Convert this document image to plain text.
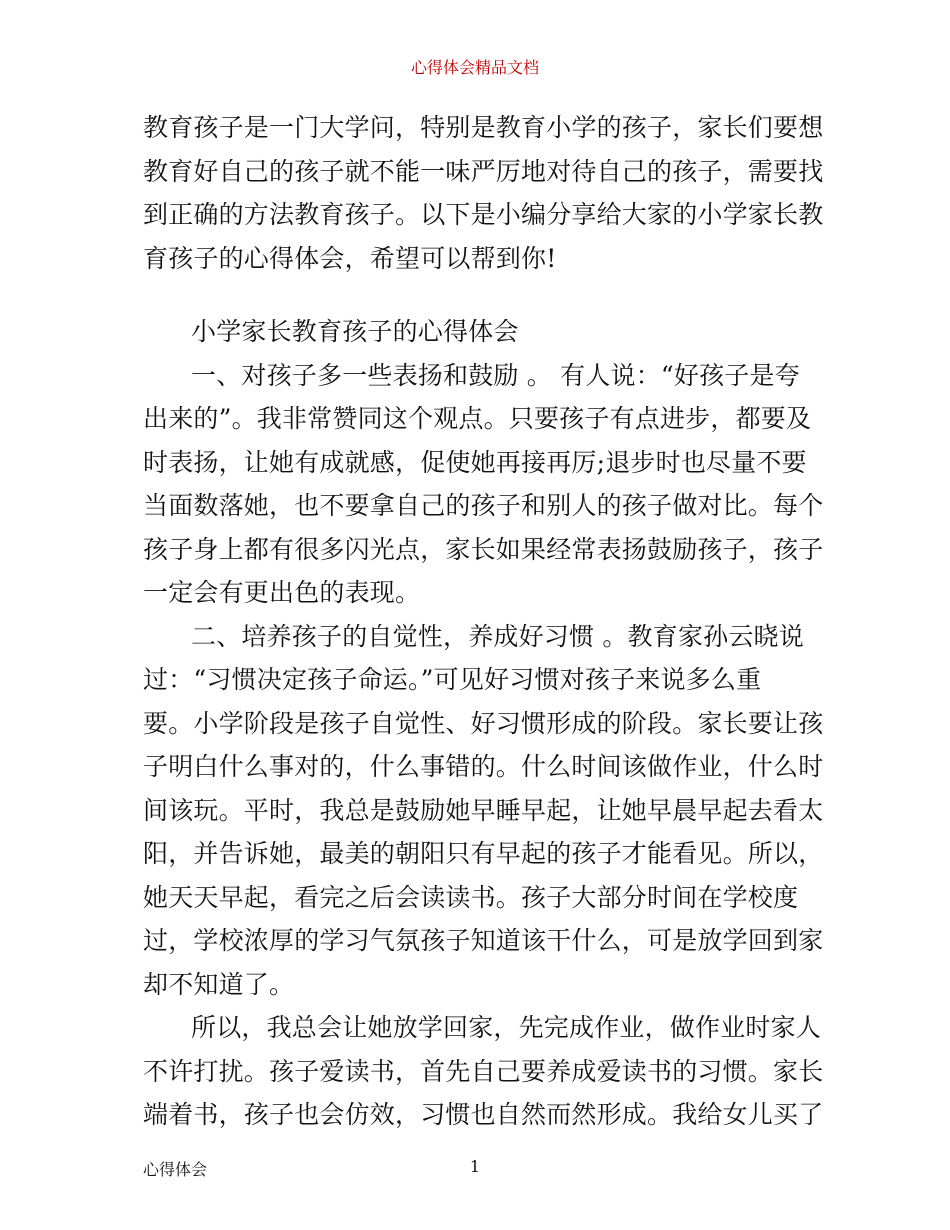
心得体会精品文档
教育孩子是一门大学问，特别是教育小学的孩子，家长们要想
教育好自己的孩子就不能一味严厉地对待自己的孩子，需要找
到正确的方法教育孩子。以下是小编分享给大家的小学家长教
育孩子的心得体会，希望可以帮到你!
小学家长教育孩子的心得体会
一、对孩子多一些表扬和鼓励 。 有人说：“好孩子是夸
出来的”。我非常赞同这个观点。只要孩子有点进步，都要及
时表扬，让她有成就感，促使她再接再厉;退步时也尽量不要
当面数落她，也不要拿自己的孩子和别人的孩子做对比。每个
孩子身上都有很多闪光点，家长如果经常表扬鼓励孩子，孩子
一定会有更出色的表现。
二、培养孩子的自觉性，养成好习惯 。教育家孙云晓说
过：“习惯决定孩子命运。”可见好习惯对孩子来说多么重
要。小学阶段是孩子自觉性、好习惯形成的阶段。家长要让孩
子明白什么事对的，什么事错的。什么时间该做作业，什么时
间该玩。平时，我总是鼓励她早睡早起，让她早晨早起去看太
阳，并告诉她，最美的朝阳只有早起的孩子才能看见。所以，
她天天早起，看完之后会读读书。孩子大部分时间在学校度
过，学校浓厚的学习气氛孩子知道该干什么，可是放学回到家
却不知道了。
所以，我总会让她放学回家，先完成作业，做作业时家人
不许打扰。孩子爱读书，首先自己要养成爱读书的习惯。家长
端着书，孩子也会仿效，习惯也自然而然形成。我给女儿买了
1
心得体会
